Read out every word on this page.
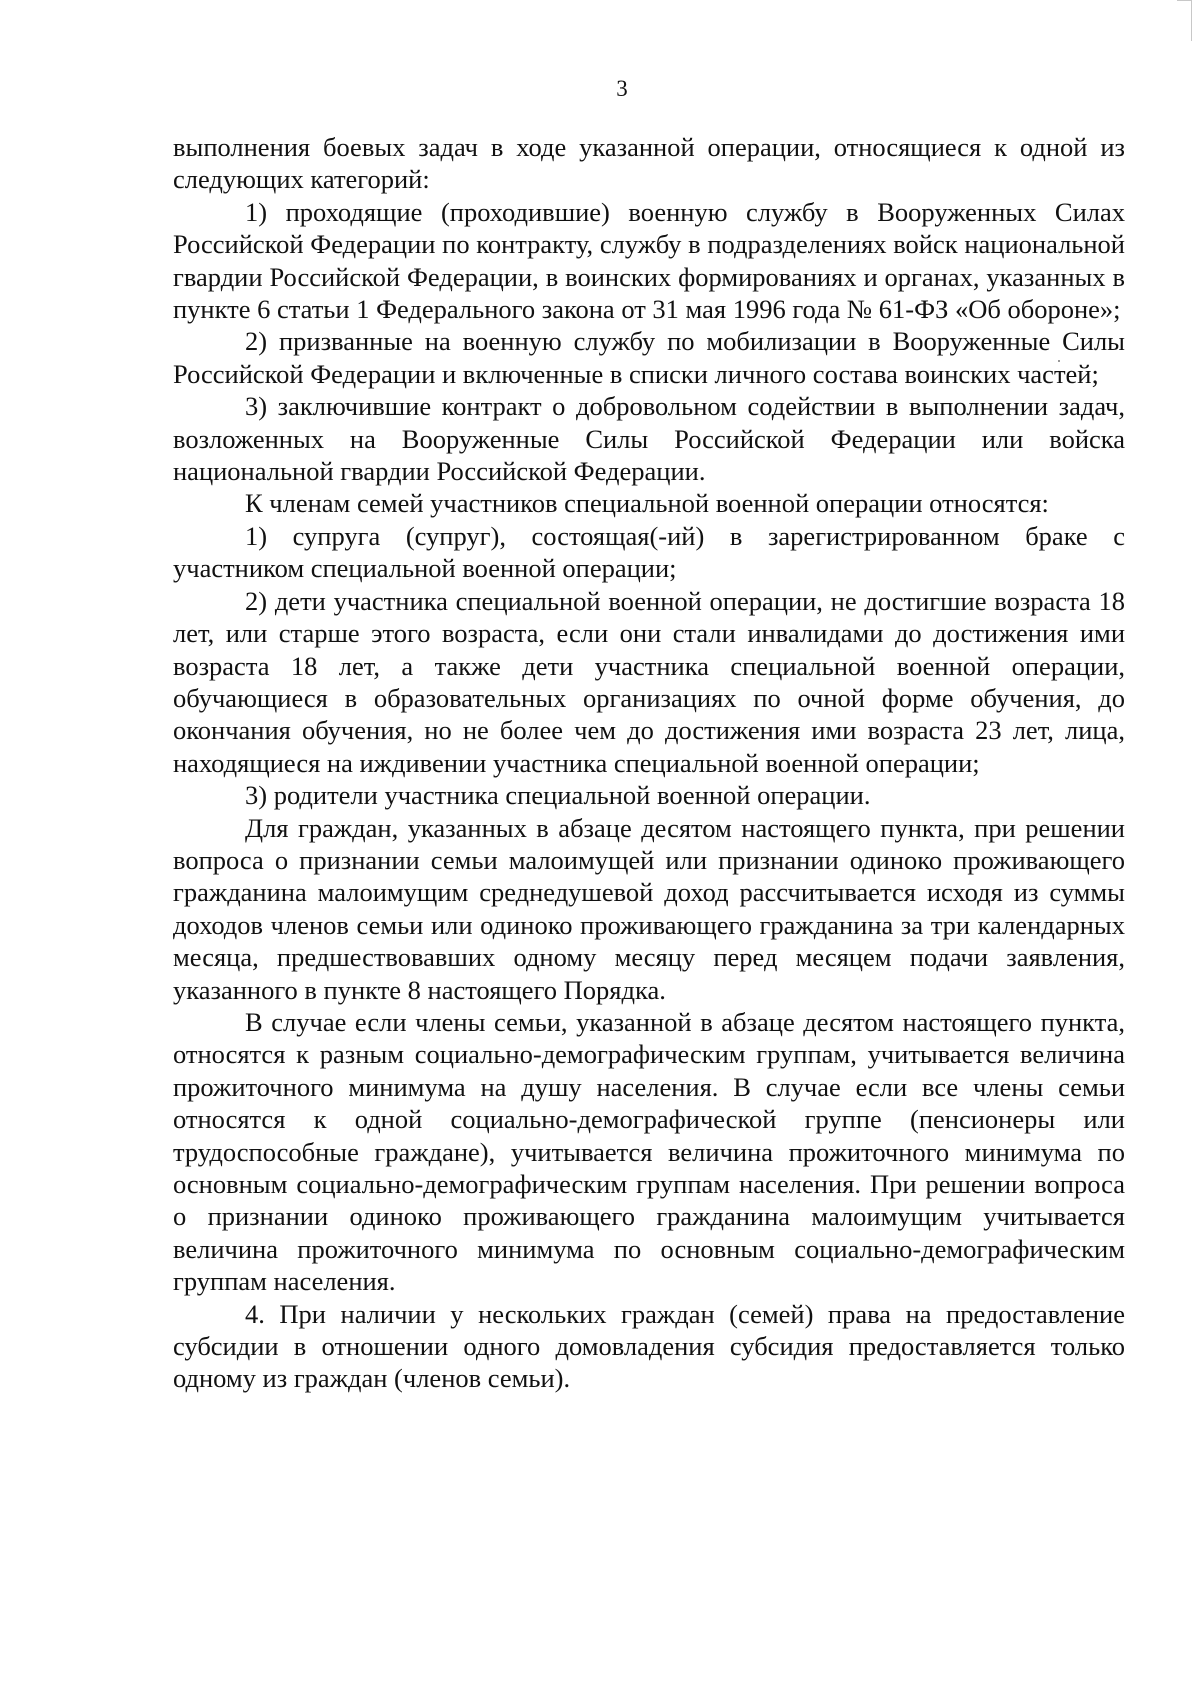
3

выполнения боевых задач в ходе указанной операции, относящиеся к одной из следующих категорий:

1) проходящие (проходившие) военную службу в Вооруженных Силах Российской Федерации по контракту, службу в подразделениях войск национальной гвардии Российской Федерации, в воинских формированиях и органах, указанных в пункте 6 статьи 1 Федерального закона от 31 мая 1996 года № 61-ФЗ «Об обороне»;

2) призванные на военную службу по мобилизации в Вооруженные Силы Российской Федерации и включенные в списки личного состава воинских частей;

3) заключившие контракт о добровольном содействии в выполнении задач, возложенных на Вооруженные Силы Российской Федерации или войска национальной гвардии Российской Федерации.

К членам семей участников специальной военной операции относятся:

1) супруга (супруг), состоящая(-ий) в зарегистрированном браке с участником специальной военной операции;

2) дети участника специальной военной операции, не достигшие возраста 18 лет, или старше этого возраста, если они стали инвалидами до достижения ими возраста 18 лет, а также дети участника специальной военной операции, обучающиеся в образовательных организациях по очной форме обучения, до окончания обучения, но не более чем до достижения ими возраста 23 лет, лица, находящиеся на иждивении участника специальной военной операции;

3) родители участника специальной военной операции.

Для граждан, указанных в абзаце десятом настоящего пункта, при решении вопроса о признании семьи малоимущей или признании одиноко проживающего гражданина малоимущим среднедушевой доход рассчитывается исходя из суммы доходов членов семьи или одиноко проживающего гражданина за три календарных месяца, предшествовавших одному месяцу перед месяцем подачи заявления, указанного в пункте 8 настоящего Порядка.

В случае если члены семьи, указанной в абзаце десятом настоящего пункта, относятся к разным социально-демографическим группам, учитывается величина прожиточного минимума на душу населения. В случае если все члены семьи относятся к одной социально-демографической группе (пенсионеры или трудоспособные граждане), учитывается величина прожиточного минимума по основным социально-демографическим группам населения. При решении вопроса о признании одиноко проживающего гражданина малоимущим учитывается величина прожиточного минимума по основным социально-демографическим группам населения.

4. При наличии у нескольких граждан (семей) права на предоставление субсидии в отношении одного домовладения субсидия предоставляется только одному из граждан (членов семьи).
